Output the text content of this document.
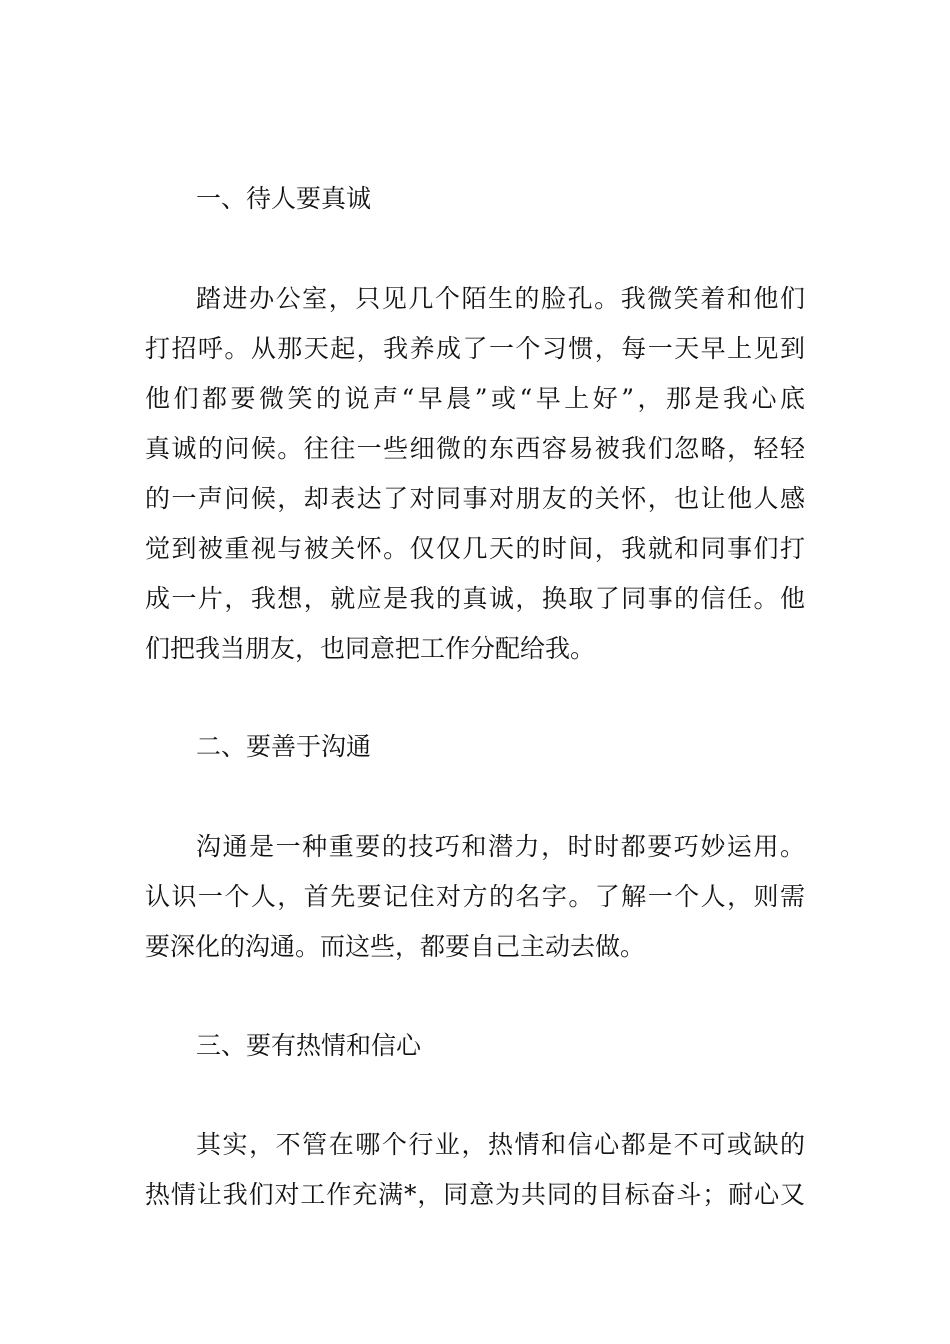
一、待人要真诚
踏进办公室，只见几个陌生的脸孔。我微笑着和他们
打招呼。从那天起，我养成了一个习惯，每一天早上见到
他们都要微笑的说声“早晨”或“早上好”，那是我心底
真诚的问候。往往一些细微的东西容易被我们忽略，轻轻
的一声问候，却表达了对同事对朋友的关怀，也让他人感
觉到被重视与被关怀。仅仅几天的时间，我就和同事们打
成一片，我想，就应是我的真诚，换取了同事的信任。他
们把我当朋友，也同意把工作分配给我。
二、要善于沟通
沟通是一种重要的技巧和潜力，时时都要巧妙运用。
认识一个人，首先要记住对方的名字。了解一个人，则需
要深化的沟通。而这些，都要自己主动去做。
三、要有热情和信心
其实，不管在哪个行业，热情和信心都是不可或缺的
热情让我们对工作充满*，同意为共同的目标奋斗；耐心又
